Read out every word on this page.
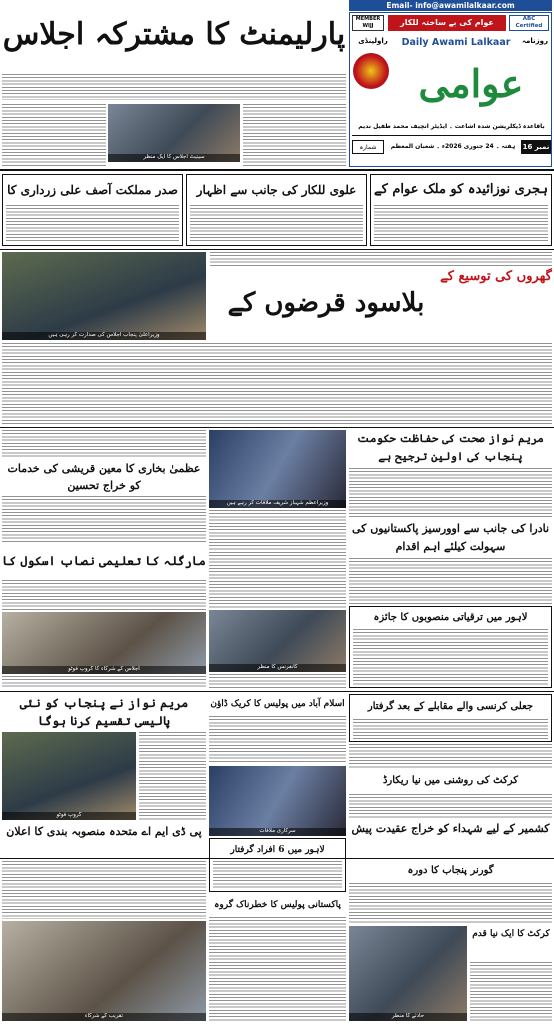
Email- info@awamilalkaar.com
MEMBER WIJJ	عوام کی بے ساختہ للکار	ABC Certified
روزنامہ
Daily Awami Lalkaar
راولپنڈی
عوامی
باقاعدہ ڈیکلریشن شدہ اشاعت ۔ ایڈیٹر انچیف محمد طفیل ندیم
نمبر 16
ہفتہ ۔ 24 جنوری 2026ء ۔ شعبان المعظم
شمارہ
پارلیمنٹ کا مشترکہ اجلاس
سینیٹ اجلاس کا ایک منظر
ہجری نوزائیدہ کو ملک عوام کے
علوی للکار کی جانب سے اظہار
صدر مملکت آصف علی زرداری کا
وزیراعلیٰ پنجاب اجلاس کی صدارت کر رہی ہیں
گھروں کی توسیع کے
بلاسود قرضوں کے
عظمیٰ بخاری کا معین قریشی کی خدمات کو خراج تحسین
مارگلہ کا تعلیمی نصاب اسکول کا
اجلاس کے شرکاء کا گروپ فوٹو
وزیراعظم شہباز شریف ملاقات کر رہے ہیں
کانفرنس کا منظر
مریم نواز صحت کی حفاظت حکومت پنجاب کی اولین ترجیح ہے
نادرا کی جانب سے اوورسیز پاکستانیوں کی سہولت کیلئے اہم اقدام
لاہور میں ترقیاتی منصوبوں کا جائزہ
مریم نواز نے پنجاب کو نئی پالیسی تقسیم کرنا ہوگا
گروپ فوٹو
اسلام آباد میں پولیس کا کریک ڈاؤن
سرکاری ملاقات
جعلی کرنسی والے مقابلے کے بعد گرفتار
کرکٹ کی روشنی میں نیا ریکارڈ
کشمیر کے لیے شہداء کو خراج عقیدت پیش
پی ڈی ایم اے متحدہ منصوبہ بندی کا اعلان
تقریب کے شرکاء
لاہور میں 6 افراد گرفتار
پاکستانی پولیس کا خطرناک گروہ
گورنر پنجاب کا دورہ
کرکٹ کا ایک نیا قدم
حادثے کا منظر
